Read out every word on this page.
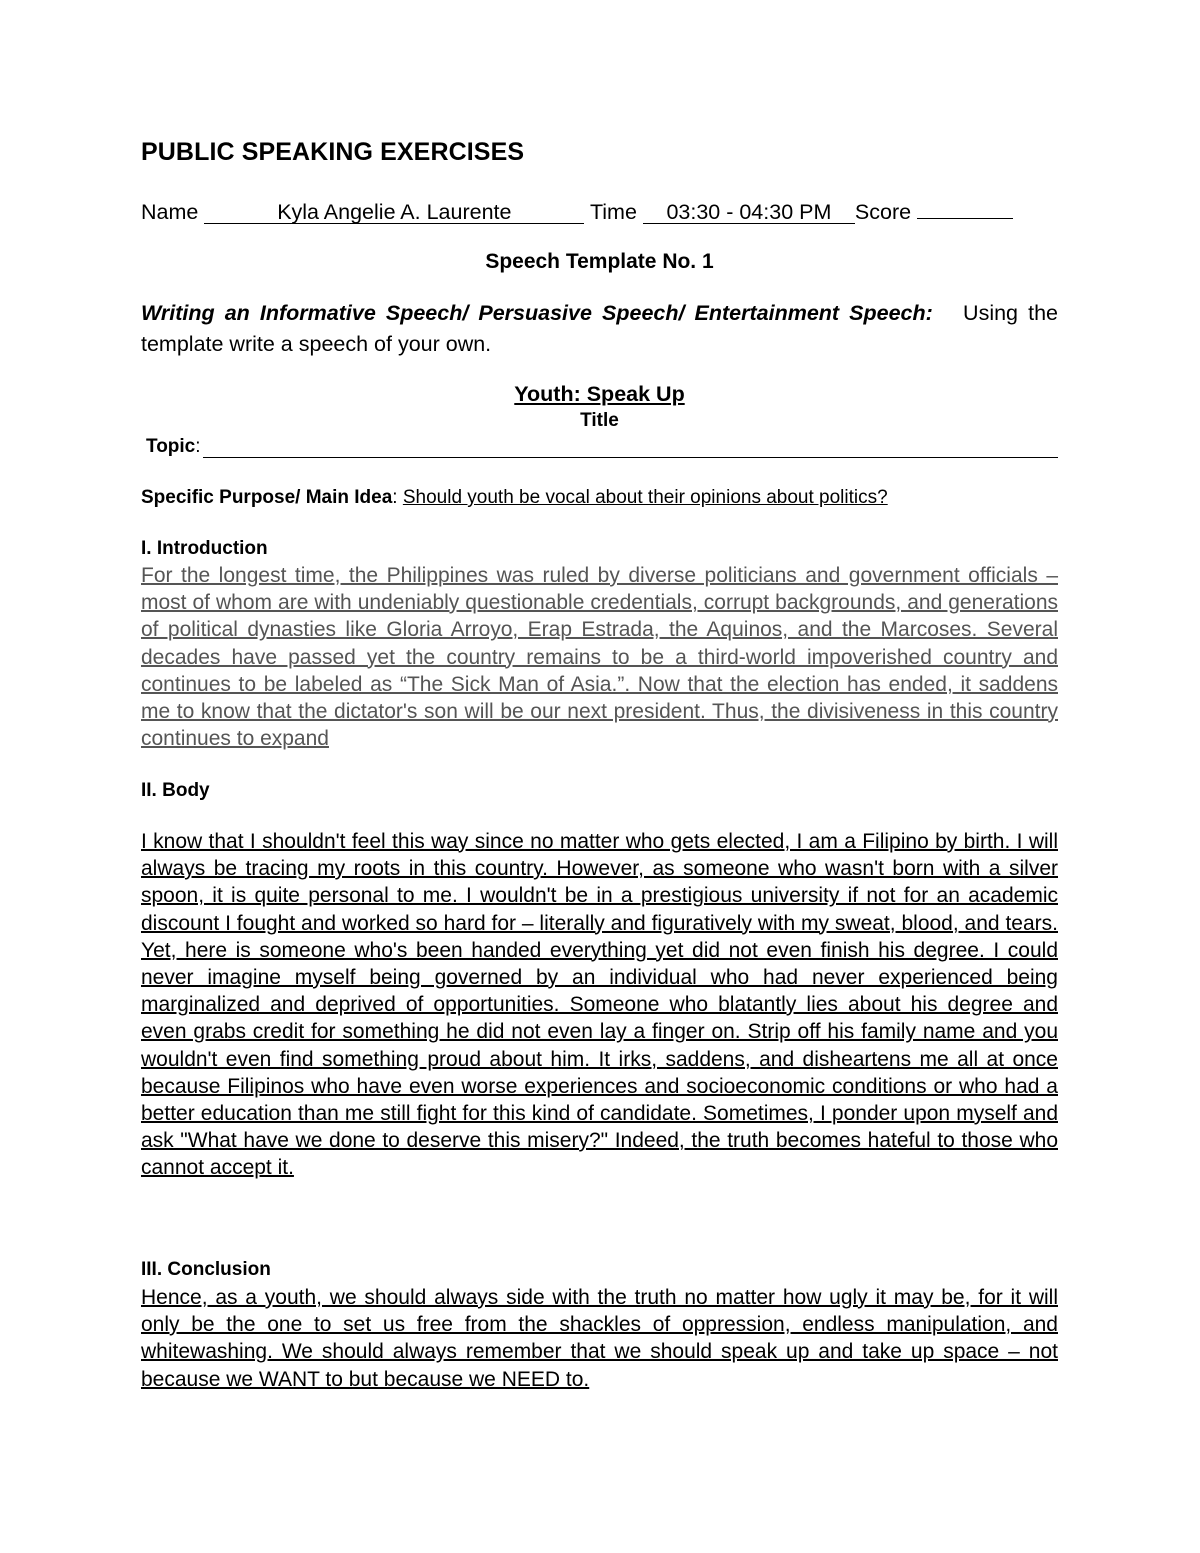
PUBLIC SPEAKING EXERCISES
Name	Kyla Angelie A. Laurente	Time 03:30 - 04:30 PM Score
Speech Template No. 1
Writing an Informative Speech/ Persuasive Speech/ Entertainment Speech: Using the template write a speech of your own.
Youth: Speak Up
Title
Topic :
Specific Purpose/ Main Idea: Should youth be vocal about their opinions about politics?
I. Introduction
For the longest time, the Philippines was ruled by diverse politicians and government officials – most of whom are with undeniably questionable credentials, corrupt backgrounds, and generations of political dynasties like Gloria Arroyo, Erap Estrada, the Aquinos, and the Marcoses. Several decades have passed yet the country remains to be a third-world impoverished country and continues to be labeled as “The Sick Man of Asia.”. Now that the election has ended, it saddens me to know that the dictator's son will be our next president. Thus, the divisiveness in this country continues to expand
II. Body
I know that I shouldn't feel this way since no matter who gets elected, I am a Filipino by birth. I will always be tracing my roots in this country. However, as someone who wasn't born with a silver spoon, it is quite personal to me. I wouldn't be in a prestigious university if not for an academic discount I fought and worked so hard for – literally and figuratively with my sweat, blood, and tears. Yet, here is someone who's been handed everything yet did not even finish his degree. I could never imagine myself being governed by an individual who had never experienced being marginalized and deprived of opportunities. Someone who blatantly lies about his degree and even grabs credit for something he did not even lay a finger on. Strip off his family name and you wouldn't even find something proud about him. It irks, saddens, and disheartens me all at once because Filipinos who have even worse experiences and socioeconomic conditions or who had a better education than me still fight for this kind of candidate. Sometimes, I ponder upon myself and ask "What have we done to deserve this misery?" Indeed, the truth becomes hateful to those who cannot accept it.
III. Conclusion
Hence, as a youth, we should always side with the truth no matter how ugly it may be, for it will only be the one to set us free from the shackles of oppression, endless manipulation, and whitewashing. We should always remember that we should speak up and take up space – not because we WANT to but because we NEED to.
